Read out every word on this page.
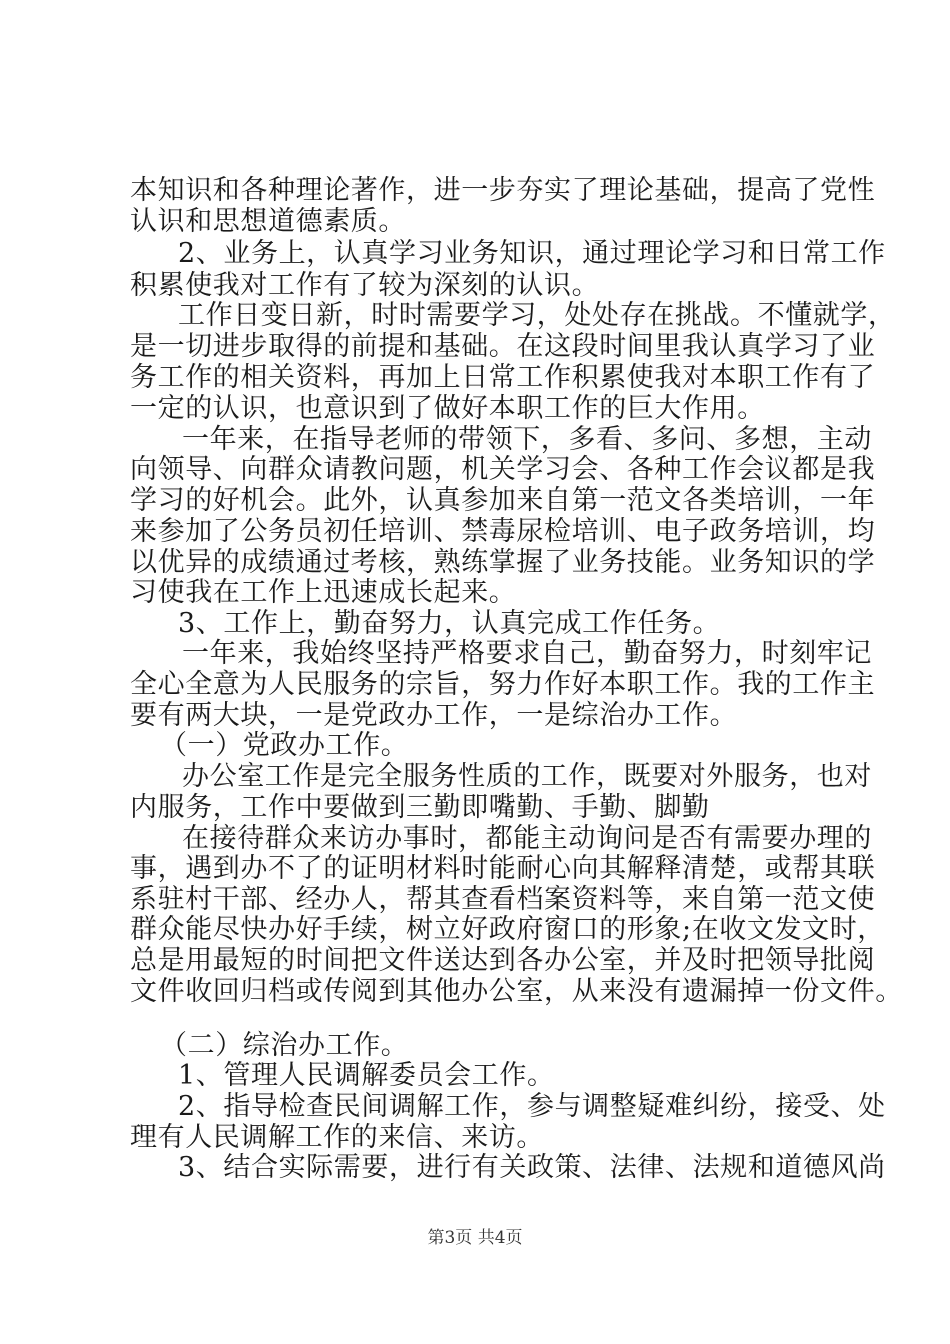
本知识和各种理论著作，进一步夯实了理论基础，提高了党性
认识和思想道德素质。
2、业务上，认真学习业务知识，通过理论学习和日常工作
积累使我对工作有了较为深刻的认识。
工作日变日新，时时需要学习，处处存在挑战。不懂就学，
是一切进步取得的前提和基础。在这段时间里我认真学习了业
务工作的相关资料，再加上日常工作积累使我对本职工作有了
一定的认识，也意识到了做好本职工作的巨大作用。
一年来，在指导老师的带领下，多看、多问、多想，主动
向领导、向群众请教问题，机关学习会、各种工作会议都是我
学习的好机会。此外，认真参加来自第一范文各类培训，一年
来参加了公务员初任培训、禁毒尿检培训、电子政务培训，均
以优异的成绩通过考核，熟练掌握了业务技能。业务知识的学
习使我在工作上迅速成长起来。
3、工作上，勤奋努力，认真完成工作任务。
一年来，我始终坚持严格要求自己，勤奋努力，时刻牢记
全心全意为人民服务的宗旨，努力作好本职工作。我的工作主
要有两大块，一是党政办工作，一是综治办工作。
（一）党政办工作。
办公室工作是完全服务性质的工作，既要对外服务，也对
内服务，工作中要做到三勤即嘴勤、手勤、脚勤
在接待群众来访办事时，都能主动询问是否有需要办理的
事，遇到办不了的证明材料时能耐心向其解释清楚，或帮其联
系驻村干部、经办人，帮其查看档案资料等，来自第一范文使
群众能尽快办好手续，树立好政府窗口的形象;在收文发文时，
总是用最短的时间把文件送达到各办公室，并及时把领导批阅
文件收回归档或传阅到其他办公室，从来没有遗漏掉一份文件。
（二）综治办工作。
1、管理人民调解委员会工作。
2、指导检查民间调解工作，参与调整疑难纠纷，接受、处
理有人民调解工作的来信、来访。
3、结合实际需要，进行有关政策、法律、法规和道德风尚
第3页 共4页
